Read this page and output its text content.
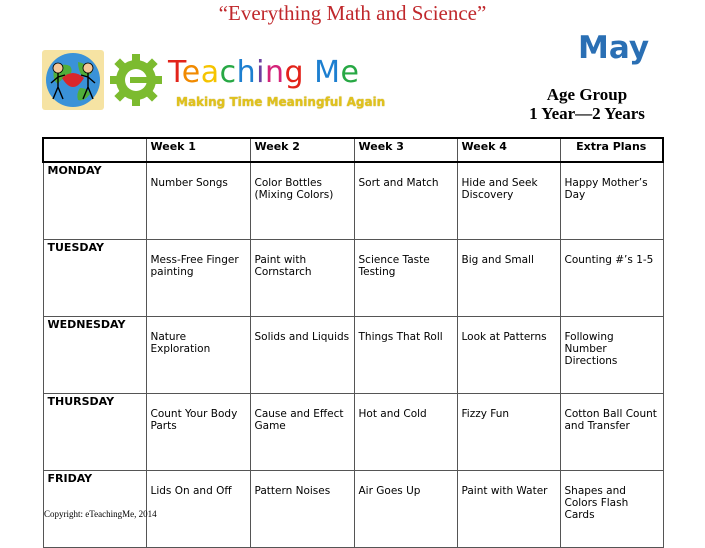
“Everything Math and Science”
Teaching Me
Making Time Meaningful Again
May
Age Group
1 Year—2 Years
	Week 1	Week 2	Week 3	Week 4	Extra Plans
MONDAY	Number Songs	Color Bottles (Mixing Colors)	Sort and Match	Hide and Seek Discovery	Happy Mother’s Day
TUESDAY	Mess-Free Finger painting	Paint with Cornstarch	Science Taste Testing	Big and Small	Counting #’s 1-5
WEDNESDAY	Nature Exploration	Solids and Liquids	Things That Roll	Look at Patterns	Following Number Directions
THURSDAY	Count Your Body Parts	Cause and Effect Game	Hot and Cold	Fizzy Fun	Cotton Ball Count and Transfer
FRIDAY	Lids On and Off	Pattern Noises	Air Goes Up	Paint with Water	Shapes and Colors Flash Cards
Copyright: eTeachingMe, 2014
